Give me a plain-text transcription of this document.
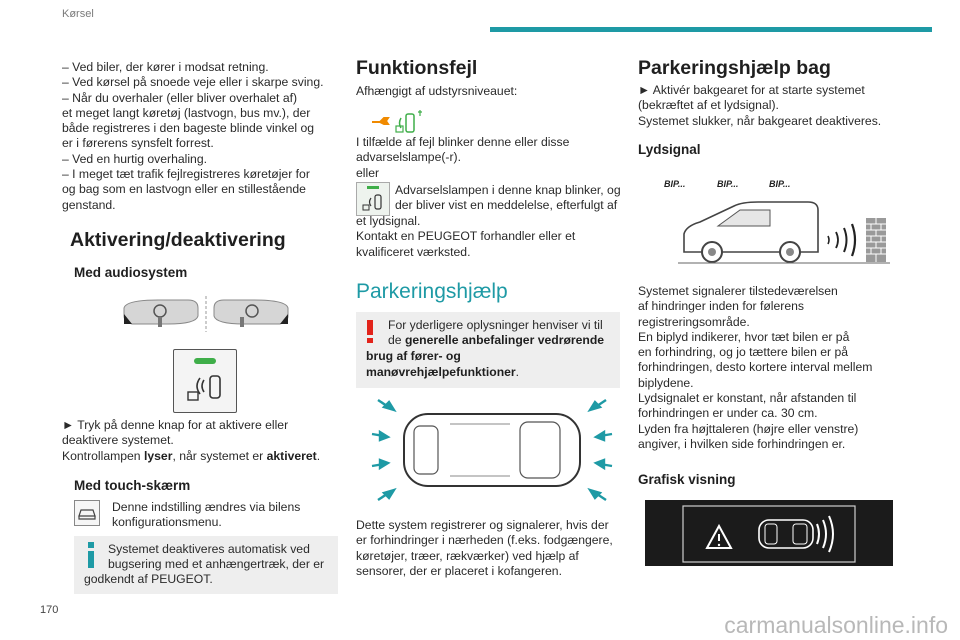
Kørsel

– Ved biler, der kører i modsat retning.

– Ved kørsel på snoede veje eller i skarpe sving.

– Når du overhaler (eller bliver overhalet af)

et meget langt køretøj (lastvogn, bus mv.), der

både registreres i den bageste blinde vinkel og

er i førerens synsfelt forrest.

– Ved en hurtig overhaling.

– I meget tæt trafik fejlregistreres køretøjer for

og bag som en lastvogn eller en stillestående

genstand.

Aktivering/deaktivering
Med audiosystem

► Tryk på denne knap for at aktivere eller

deaktivere systemet.

Kontrollampen lyser, når systemet er aktiveret.

Med touch-skærm

Denne indstilling ændres via bilens

konfigurationsmenu.

Systemet deaktiveres automatisk ved

bugsering med et anhængertræk, der er

godkendt af PEUGEOT.

Funktionsfejl

Afhængigt af udstyrsniveauet:

I tilfælde af fejl blinker denne eller disse

advarselslampe(-r).

eller

Advarselslampen i denne knap blinker, og

der bliver vist en meddelelse, efterfulgt af

et lydsignal.

Kontakt en PEUGEOT forhandler eller et

kvalificeret værksted.

Parkeringshjælp

For yderligere oplysninger henviser vi til

de generelle anbefalinger vedrørende

brug af fører- og

manøvrehjælpefunktioner.

Dette system registrerer og signalerer, hvis der

er forhindringer i nærheden (f.eks. fodgængere,

køretøjer, træer, rækværker) ved hjælp af

sensorer, der er placeret i kofangeren.

Parkeringshjælp bag

► Aktivér bakgearet for at starte systemet

(bekræftet af et lydsignal).

Systemet slukker, når bakgearet deaktiveres.

Lydsignal
BIP...	BIP...	BIP...

Systemet signalerer tilstedeværelsen

af hindringer inden for følerens

registreringsområde.

En biplyd indikerer, hvor tæt bilen er på

en forhindring, og jo tættere bilen er på

forhindringen, desto kortere interval mellem

biplydene.

Lydsignalet er konstant, når afstanden til

forhindringen er under ca. 30 cm.

Lyden fra højttaleren (højre eller venstre)

angiver, i hvilken side forhindringen er.

Grafisk visning
170
carmanualsonline.info
